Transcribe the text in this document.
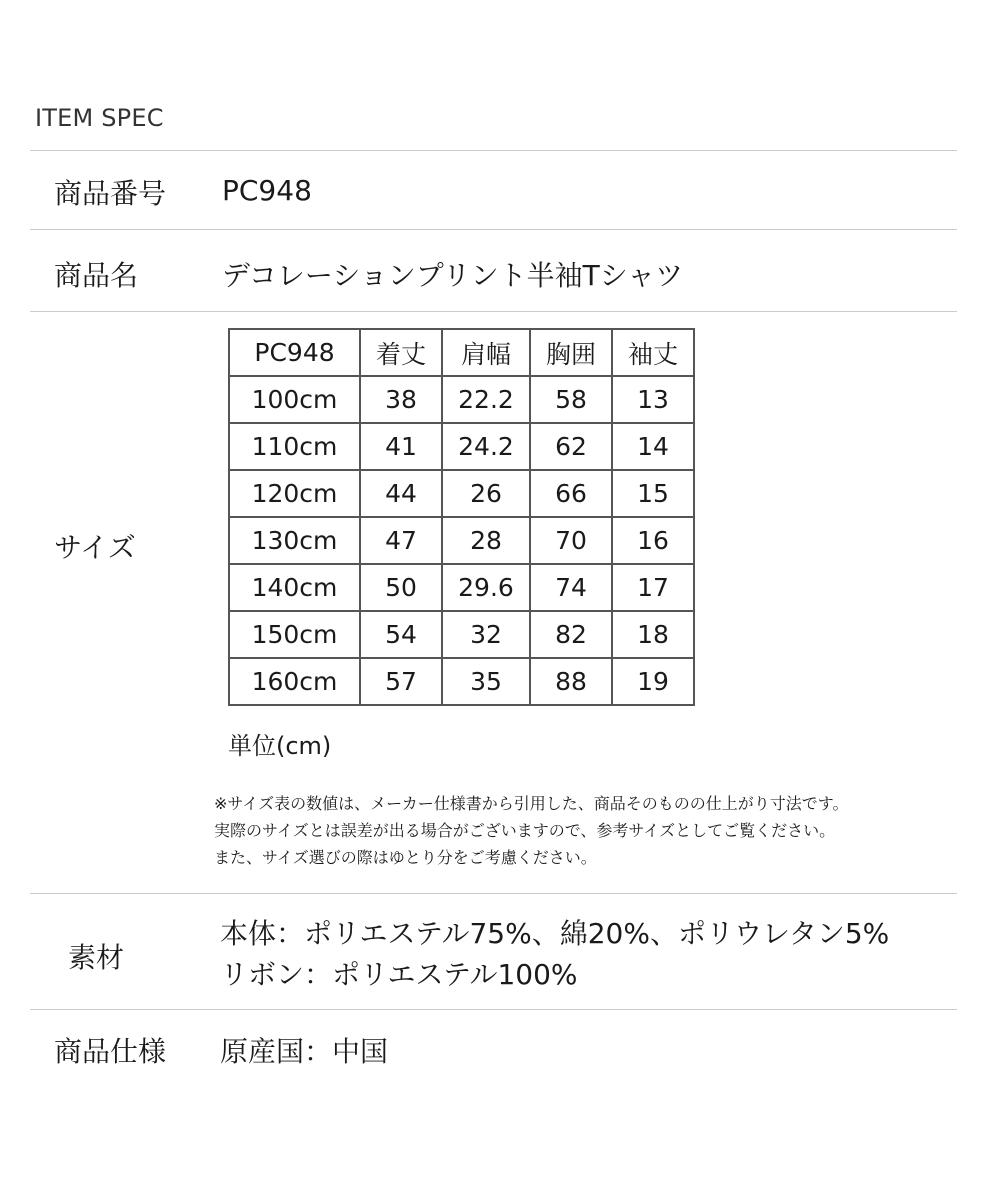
ITEM SPEC
商品番号 PC948
商品名	デコレーションプリント半袖Tシャツ
サイズ
PC948	着丈	肩幅	胸囲	袖丈
100cm	38	22.2	58	13
110cm	41	24.2	62	14
120cm	44	26	66	15
130cm	47	28	70	16
140cm	50	29.6	74	17
150cm	54	32	82	18
160cm	57	35	88	19
単位(cm)
※サイズ表の数値は、メーカー仕様書から引用した、商品そのものの仕上がり寸法です。
実際のサイズとは誤差が出る場合がございますので、参考サイズとしてご覧ください。
また、サイズ選びの際はゆとり分をご考慮ください。
素材
本体：ポリエステル75%、綿20%、ポリウレタン5%
リボン：ポリエステル100%
商品仕様 原産国：中国
